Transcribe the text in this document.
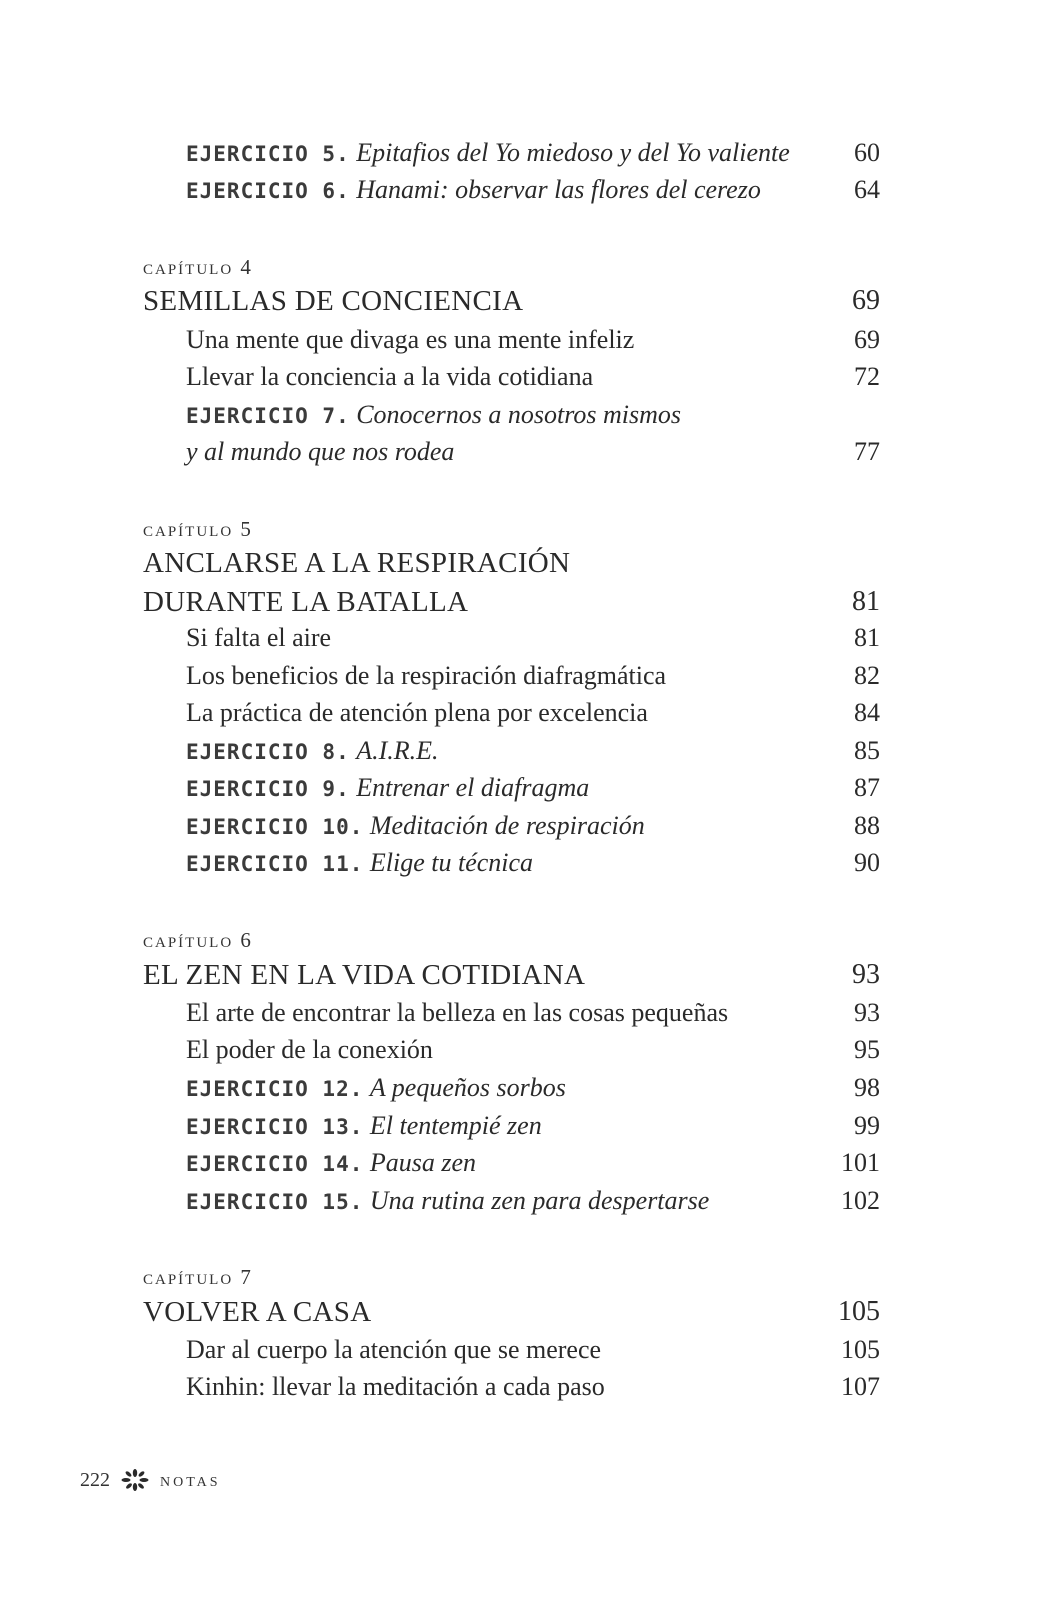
EJERCICIO 5. Epitafios del Yo miedoso y del Yo valiente 60
EJERCICIO 6. Hanami: observar las flores del cerezo	64
capítulo 4
SEMILLAS DE CONCIENCIA	69
Una mente que divaga es una mente infeliz	69
Llevar la conciencia a la vida cotidiana	72
EJERCICIO 7. Conocernos a nosotros mismos
y al mundo que nos rodea	77
capítulo 5
ANCLARSE A LA RESPIRACIÓN
DURANTE LA BATALLA	81
Si falta el aire	81
Los beneficios de la respiración diafragmática	82
La práctica de atención plena por excelencia	84
EJERCICIO 8. A.I.R.E.	85
EJERCICIO 9. Entrenar el diafragma	87
EJERCICIO 10. Meditación de respiración	88
EJERCICIO 11. Elige tu técnica	90
capítulo 6
EL ZEN EN LA VIDA COTIDIANA	93
El arte de encontrar la belleza en las cosas pequeñas	93
El poder de la conexión	95
EJERCICIO 12. A pequeños sorbos	98
EJERCICIO 13. El tentempié zen	99
EJERCICIO 14. Pausa zen	101
EJERCICIO 15. Una rutina zen para despertarse	102
capítulo 7
VOLVER A CASA	105
Dar al cuerpo la atención que se merece	105
Kinhin: llevar la meditación a cada paso	107
222	notas
